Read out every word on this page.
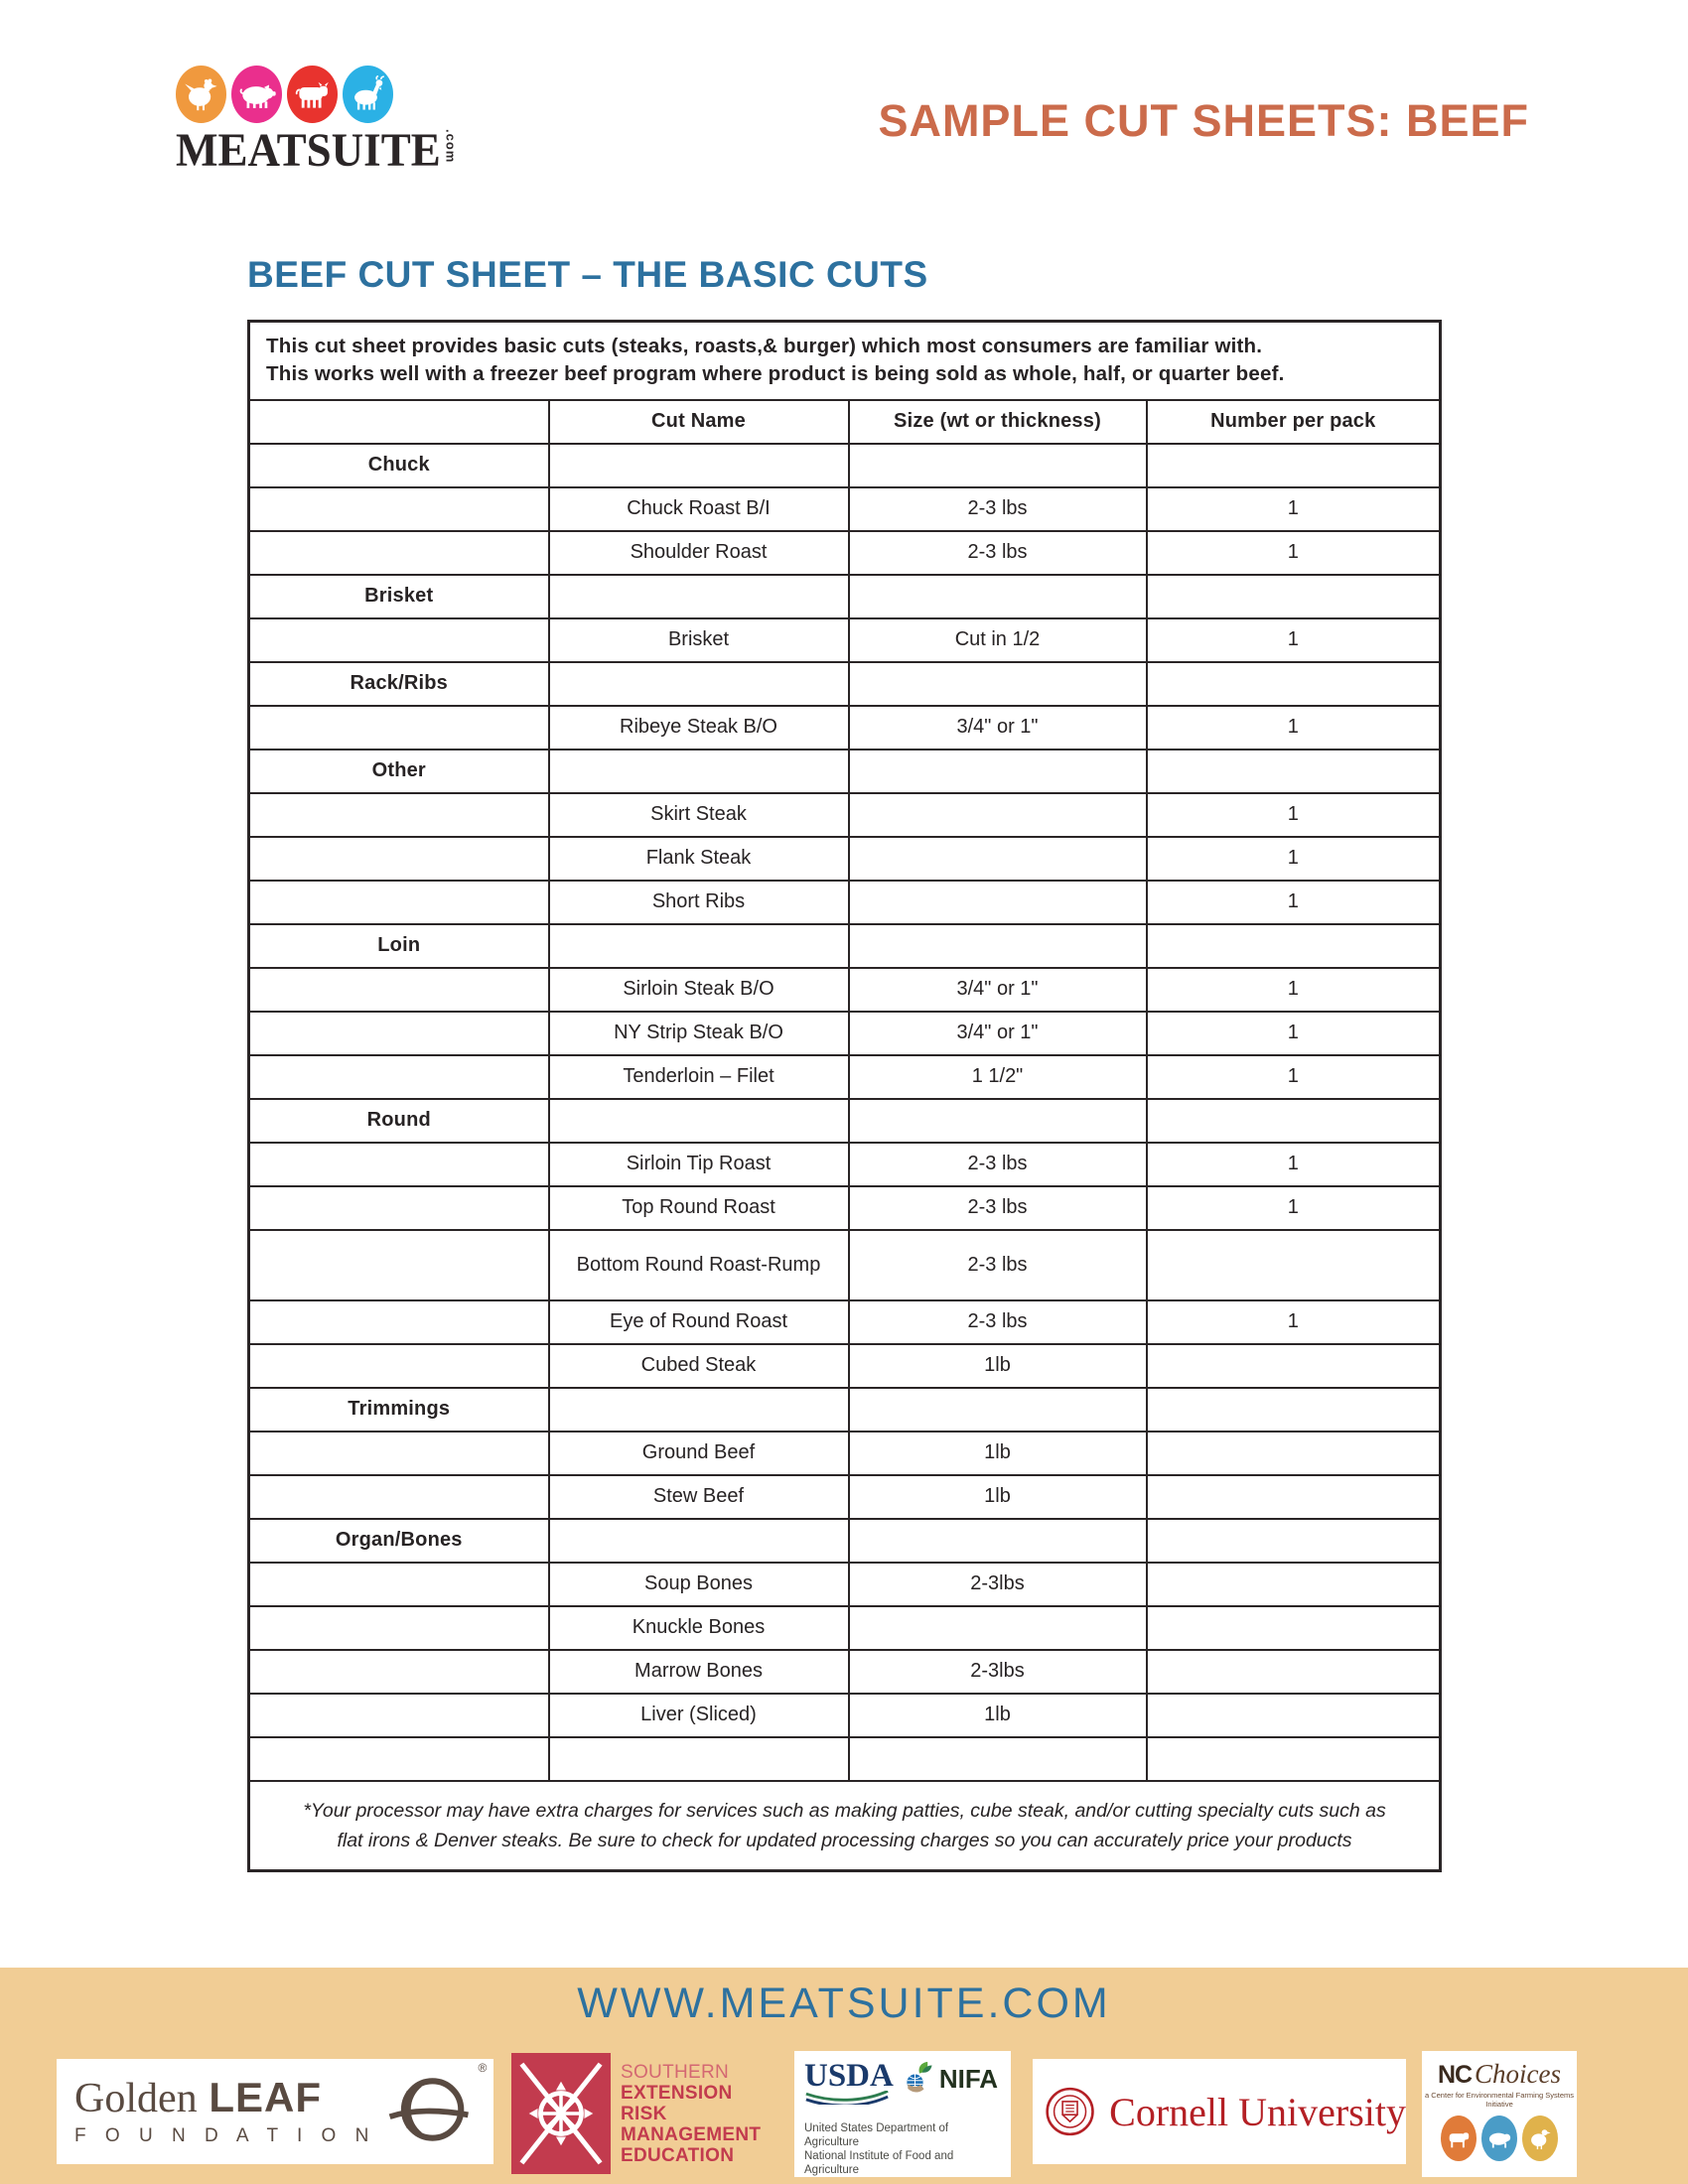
MEATSUITE .com
SAMPLE CUT SHEETS: BEEF
BEEF CUT SHEET – THE BASIC CUTS
This cut sheet provides basic cuts (steaks, roasts,& burger) which most consumers are familiar with.
This works well with a freezer beef program where product is being sold as whole, half, or quarter beef.			

	Cut Name	Size (wt or thickness)	Number per pack
Chuck			
	Chuck Roast B/I	2-3 lbs	1
	Shoulder Roast	2-3 lbs	1
Brisket			
	Brisket	Cut in 1/2	1
Rack/Ribs			
	Ribeye Steak B/O	3/4" or 1"	1
Other			
	Skirt Steak		1
	Flank Steak		1
	Short Ribs		1
Loin			
	Sirloin Steak B/O	3/4" or 1"	1
	NY Strip Steak B/O	3/4" or 1"	1
	Tenderloin – Filet	1 1/2"	1
Round			
	Sirloin Tip Roast	2-3 lbs	1
	Top Round Roast	2-3 lbs	1
	Bottom Round Roast-Rump	2-3 lbs	
	Eye of Round Roast	2-3 lbs	1
	Cubed Steak	1lb	
Trimmings			
	Ground Beef	1lb	
	Stew Beef	1lb	
Organ/Bones			
	Soup Bones	2-3lbs	
	Knuckle Bones		
	Marrow Bones	2-3lbs	
	Liver (Sliced)	1lb	

*Your processor may have extra charges for services such as making patties, cube steak, and/or cutting specialty cuts such as flat irons & Denver steaks. Be sure to check for updated processing charges so you can accurately price your products			
WWW.MEATSUITE.COM
Golden LEAF
F O U N D A T I O N
®	SOUTHERN
EXTENSION
RISK
MANAGEMENT
EDUCATION
USDA NIFA
United States Department of Agriculture
National Institute of Food and Agriculture
Cornell University
NC Choices
a Center for Environmental Farming Systems Initiative
